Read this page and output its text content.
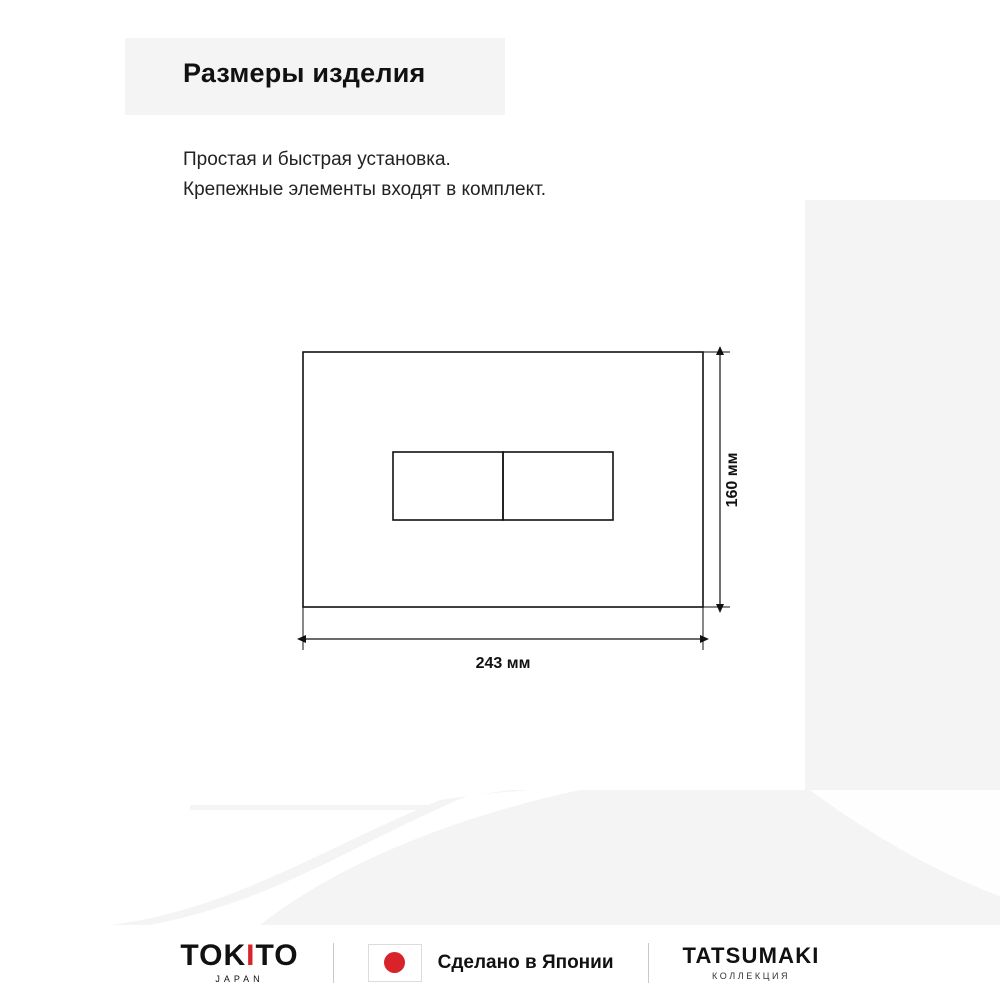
Размеры изделия
Простая и быстрая установка.
Крепежные элементы входят в комплект.
160 мм
243 мм
TOKITO
JAPAN
Сделано в Японии	TATSUMAKI
КОЛЛЕКЦИЯ
